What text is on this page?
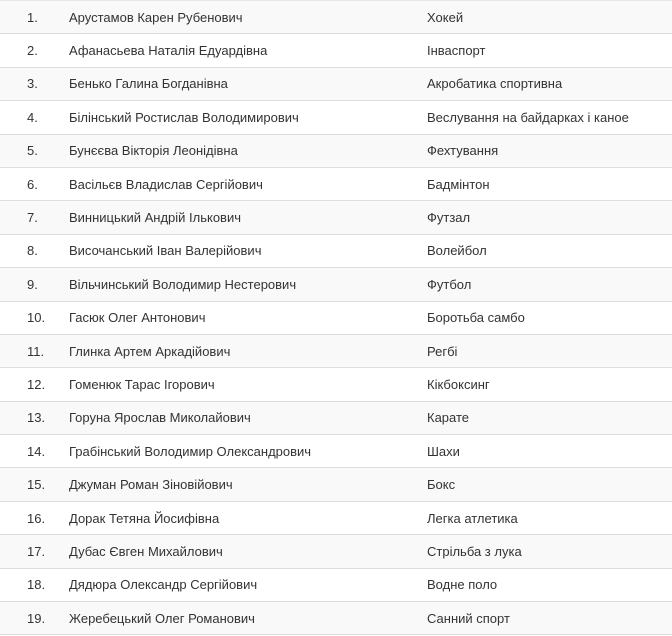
1.	Арустамов Карен Рубенович	Хокей
2.	Афанасьева Наталія Едуардівна	Інваспорт
3.	Бенько Галина Богданівна	Акробатика спортивна
4.	Білінський Ростислав Володимирович	Веслування на байдарках і каное
5.	Бунєєва Вікторія Леонідівна	Фехтування
6.	Васільєв Владислав Сергійович	Бадмінтон
7.	Винницький Андрій Ількович	Футзал
8.	Височанський Іван Валерійович	Волейбол
9.	Вільчинський Володимир Нестерович	Футбол
10.	Гасюк Олег Антонович	Боротьба самбо
11.	Глинка Артем Аркадійович	Регбі
12.	Гоменюк Тарас Ігорович	Кікбоксинг
13.	Горуна Ярослав Миколайович	Карате
14.	Грабінський Володимир Олександрович	Шахи
15.	Джуман Роман Зіновійович	Бокс
16.	Дорак Тетяна Йосифівна	Легка атлетика
17.	Дубас Євген Михайлович	Стрільба з лука
18.	Дядюра Олександр Сергійович	Водне поло
19.	Жеребецький Олег Романович	Санний спорт
